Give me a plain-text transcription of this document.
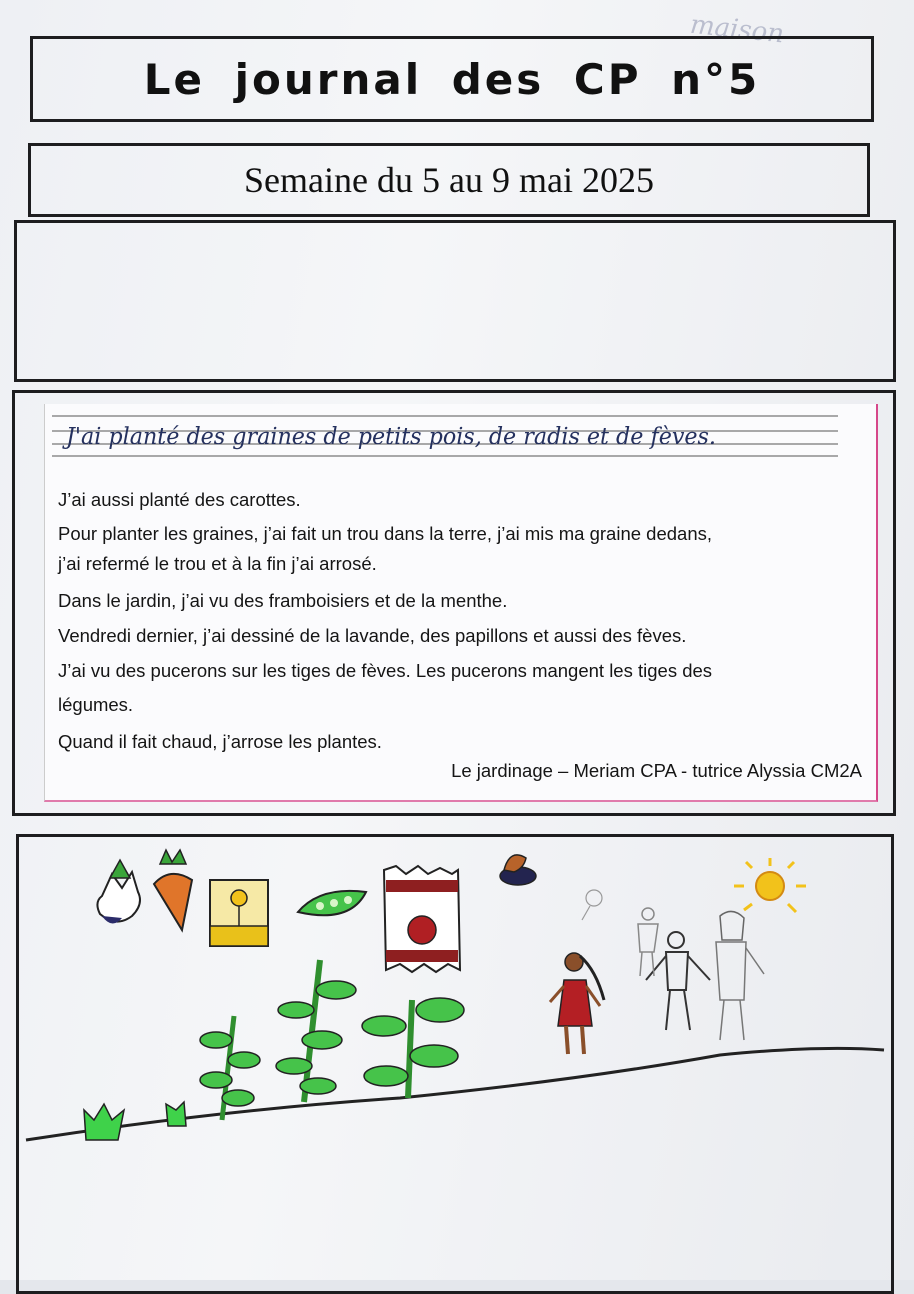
maison
Le journal des CP n°5
Semaine du 5 au 9 mai 2025
J'ai planté des graines de petits pois, de radis et de fèves.
J’ai aussi planté des carottes.
Pour planter les graines, j’ai fait un trou dans la terre, j’ai mis ma graine dedans,
j’ai refermé le trou et à la fin j’ai arrosé.
Dans le jardin, j’ai vu des framboisiers et de la menthe.
Vendredi dernier, j’ai dessiné de la lavande, des papillons et aussi des fèves.
J’ai vu des pucerons sur les tiges de fèves. Les pucerons mangent les tiges des
légumes.
Quand il fait chaud, j’arrose les plantes.
Le jardinage – Meriam CPA - tutrice Alyssia CM2A
